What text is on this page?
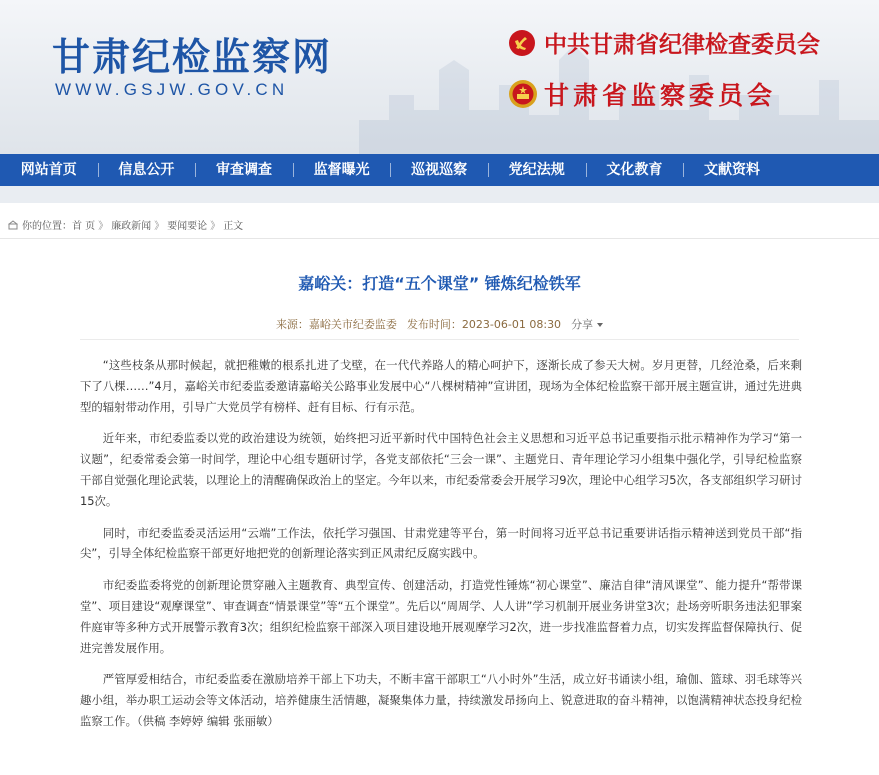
甘肃纪检监察网
WWW.GSJW.GOV.CN
中共甘肃省纪律检查委员会
甘肃省监察委员会
网站首页	信息公开	审查调查	监督曝光	巡视巡察	党纪法规	文化教育	文献资料
你的位置： 首 页 》 廉政新闻 》 要闻要论 》 正文
嘉峪关：打造“五个课堂” 锤炼纪检铁军
来源：嘉峪关市纪委监委 发布时间：2023-06-01 08:30 分享

“这些枝条从那时候起，就把稚嫩的根系扎进了戈壁，在一代代养路人的精心呵护下，逐渐长成了参天大树。岁月更替，几经沧桑，后来剩下了八棵……”4月，嘉峪关市纪委监委邀请嘉峪关公路事业发展中心“八棵树精神”宣讲团，现场为全体纪检监察干部开展主题宣讲，通过先进典型的辐射带动作用，引导广大党员学有榜样、赶有目标、行有示范。

近年来，市纪委监委以党的政治建设为统领，始终把习近平新时代中国特色社会主义思想和习近平总书记重要指示批示精神作为学习“第一议题”，纪委常委会第一时间学，理论中心组专题研讨学，各党支部依托“三会一课”、主题党日、青年理论学习小组集中强化学，引导纪检监察干部自觉强化理论武装，以理论上的清醒确保政治上的坚定。今年以来，市纪委常委会开展学习9次，理论中心组学习5次，各支部组织学习研讨15次。

同时，市纪委监委灵活运用“云端”工作法，依托学习强国、甘肃党建等平台，第一时间将习近平总书记重要讲话指示精神送到党员干部“指尖”，引导全体纪检监察干部更好地把党的创新理论落实到正风肃纪反腐实践中。

市纪委监委将党的创新理论贯穿融入主题教育、典型宣传、创建活动，打造党性锤炼“初心课堂”、廉洁自律“清风课堂”、能力提升“帮带课堂”、项目建设“观摩课堂”、审查调查“情景课堂”等“五个课堂”。先后以“周周学、人人讲”学习机制开展业务讲堂3次；赴场旁听职务违法犯罪案件庭审等多种方式开展警示教育3次；组织纪检监察干部深入项目建设地开展观摩学习2次，进一步找准监督着力点，切实发挥监督保障执行、促进完善发展作用。

严管厚爱相结合，市纪委监委在激励培养干部上下功夫，不断丰富干部职工“八小时外”生活，成立好书诵读小组，瑜伽、篮球、羽毛球等兴趣小组，举办职工运动会等文体活动，培养健康生活情趣，凝聚集体力量，持续激发昂扬向上、锐意进取的奋斗精神，以饱满精神状态投身纪检监察工作。（供稿 李婷婷 编辑 张丽敏）
